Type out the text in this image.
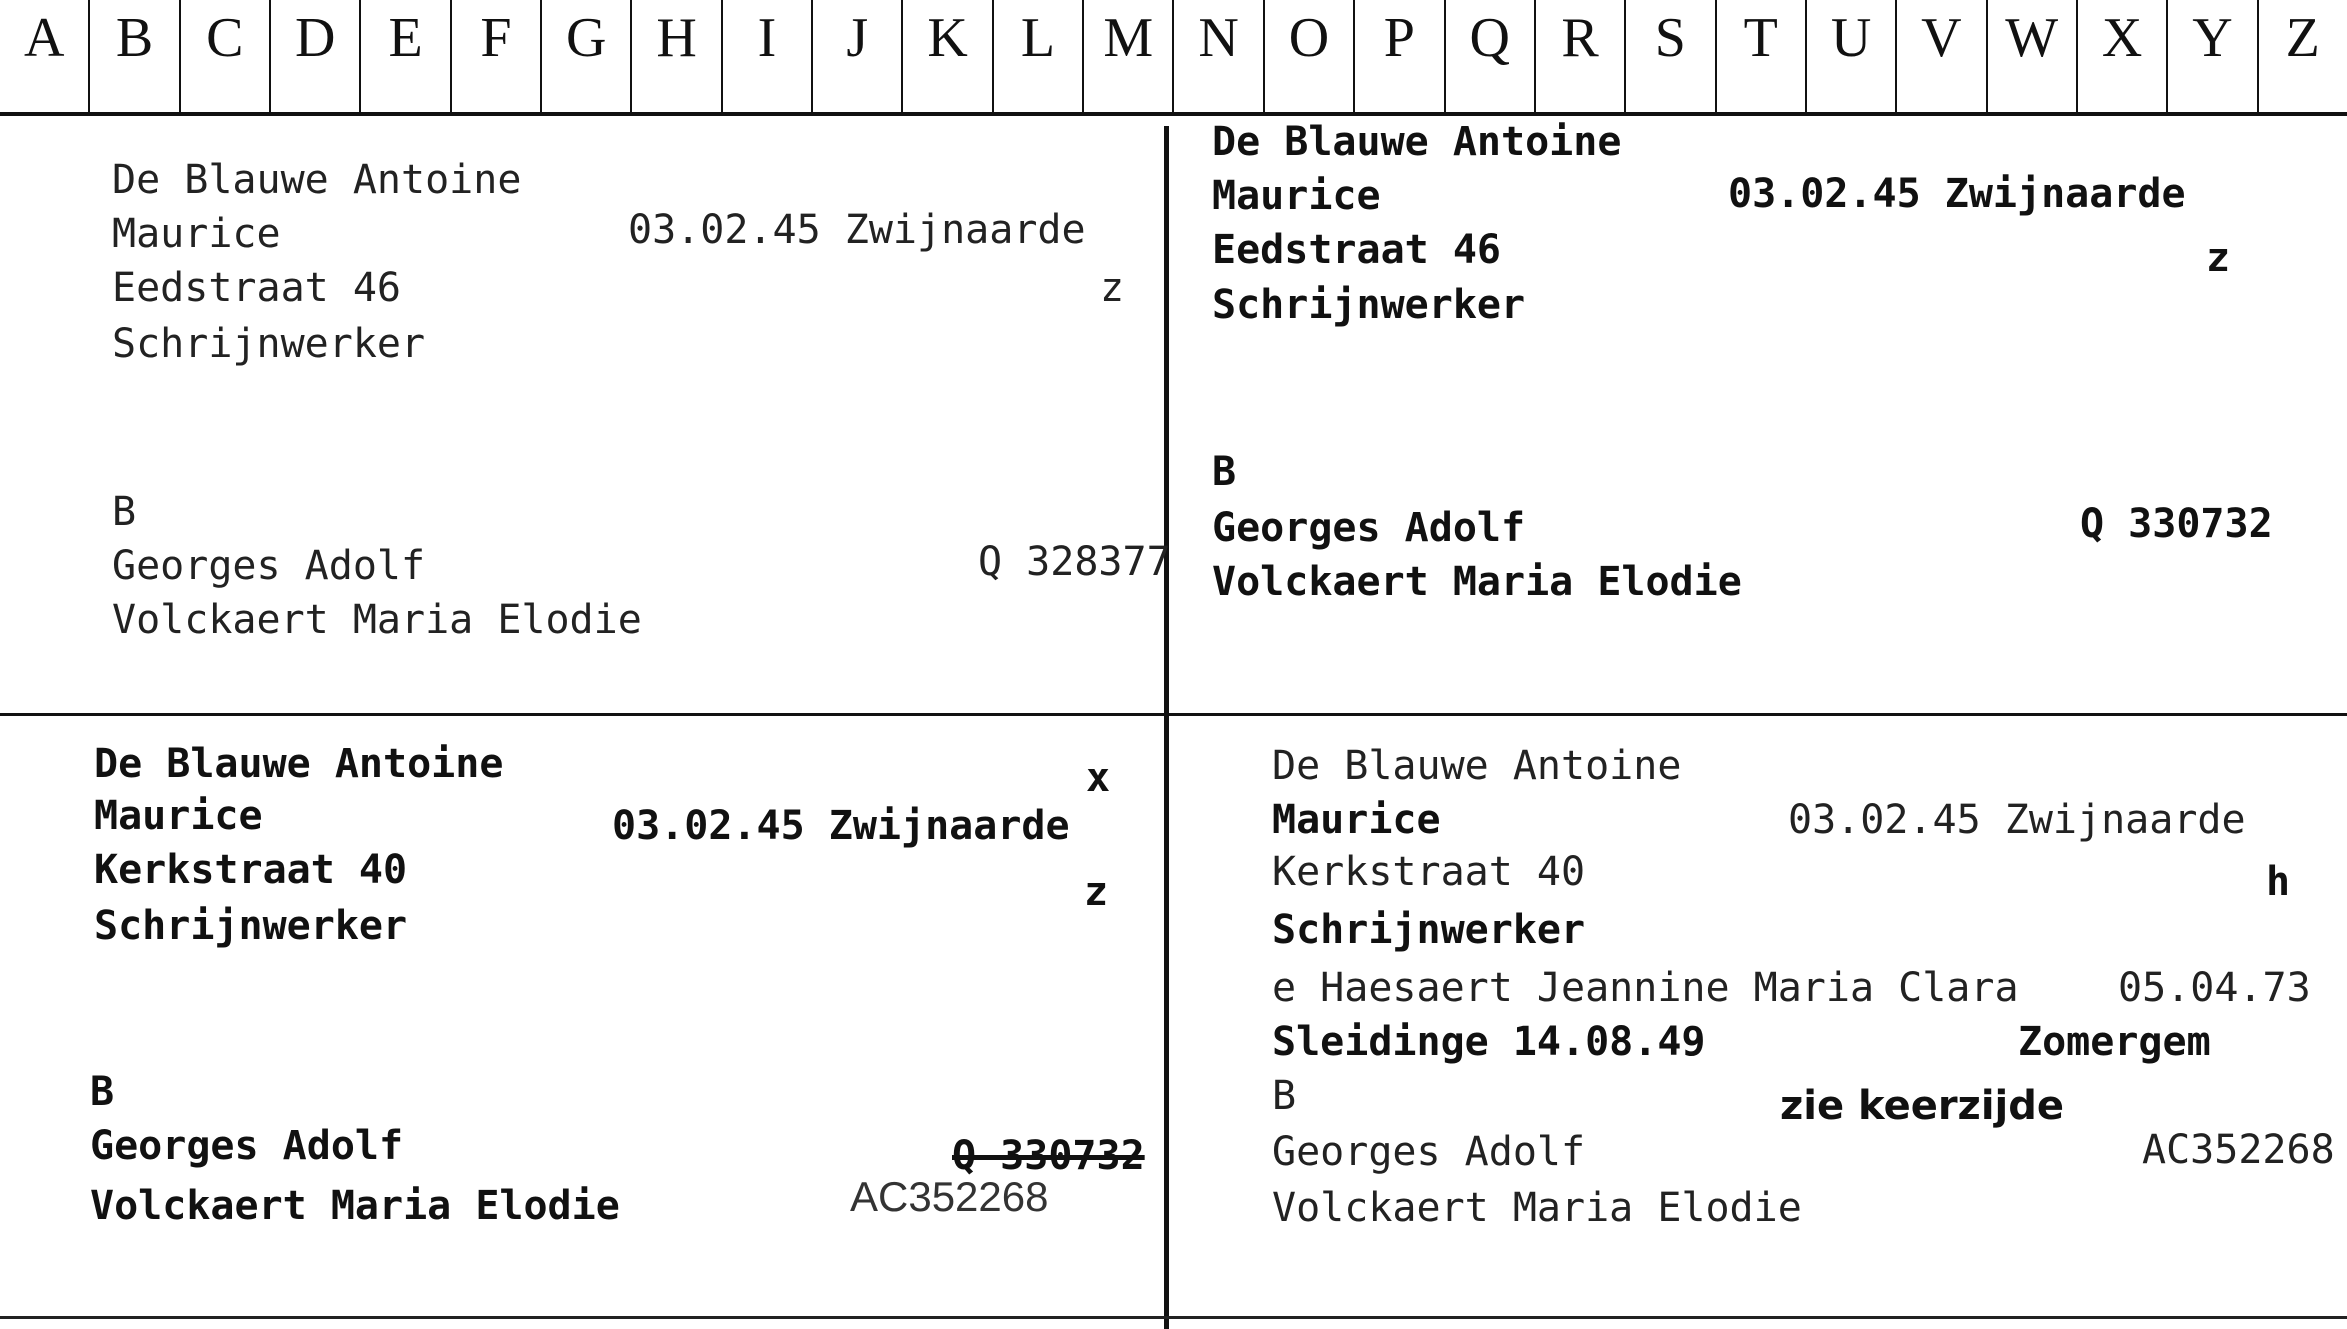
A B C D E	F G H	I	J	K L M N O P Q R	S	T U V W X Y Z
De Blauwe Antoine
Maurice	03.02.45 Zwijnaarde
Eedstraat 46	z
Schrijnwerker
B
Georges Adolf	Q 328377
Volckaert Maria Elodie
De Blauwe Antoine
Maurice	03.02.45 Zwijnaarde
Eedstraat 46	z
Schrijnwerker
B
Georges Adolf	Q 330732
Volckaert Maria Elodie
De Blauwe Antoine	x
Maurice	03.02.45 Zwijnaarde
Kerkstraat 40	z
Schrijnwerker
B
Georges Adolf	Q 330732
Volckaert Maria Elodie	AC352268
De Blauwe Antoine
Maurice	03.02.45 Zwijnaarde
Kerkstraat 40	h
Schrijnwerker
e Haesaert Jeannine Maria Clara 05.04.73
Sleidinge 14.08.49	Zomergem
B	zie keerzijde
Georges Adolf	AC352268
Volckaert Maria Elodie
